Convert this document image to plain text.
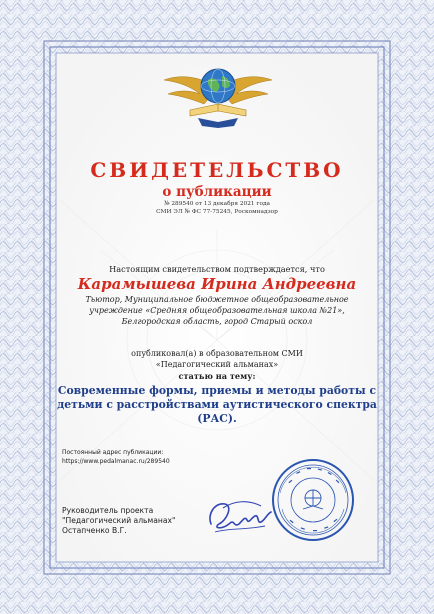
СВИДЕТЕЛЬСТВО
о публикации
№ 289540 от 13 декабря 2021 года
СМИ ЭЛ № ФС 77-75245, Роскомнадзор
Настоящим свидетельством подтверждается, что
Карамышева Ирина Андреевна
Тьютор, Муниципальное бюджетное общеобразовательное
учреждение «Средняя общеобразовательная школа №21»,
Белгородская область, город Старый оскол
опубликовал(а) в образовательном СМИ
«Педагогический альманах»
статью на тему:
Современные формы, приемы и методы работы с
детьми с расстройствами аутистического спектра
(РАС).
Постоянный адрес публикации:
https://www.pedalmanac.ru/289540
Руководитель проекта
"Педагогический альманах"
Остапченко В.Г.
